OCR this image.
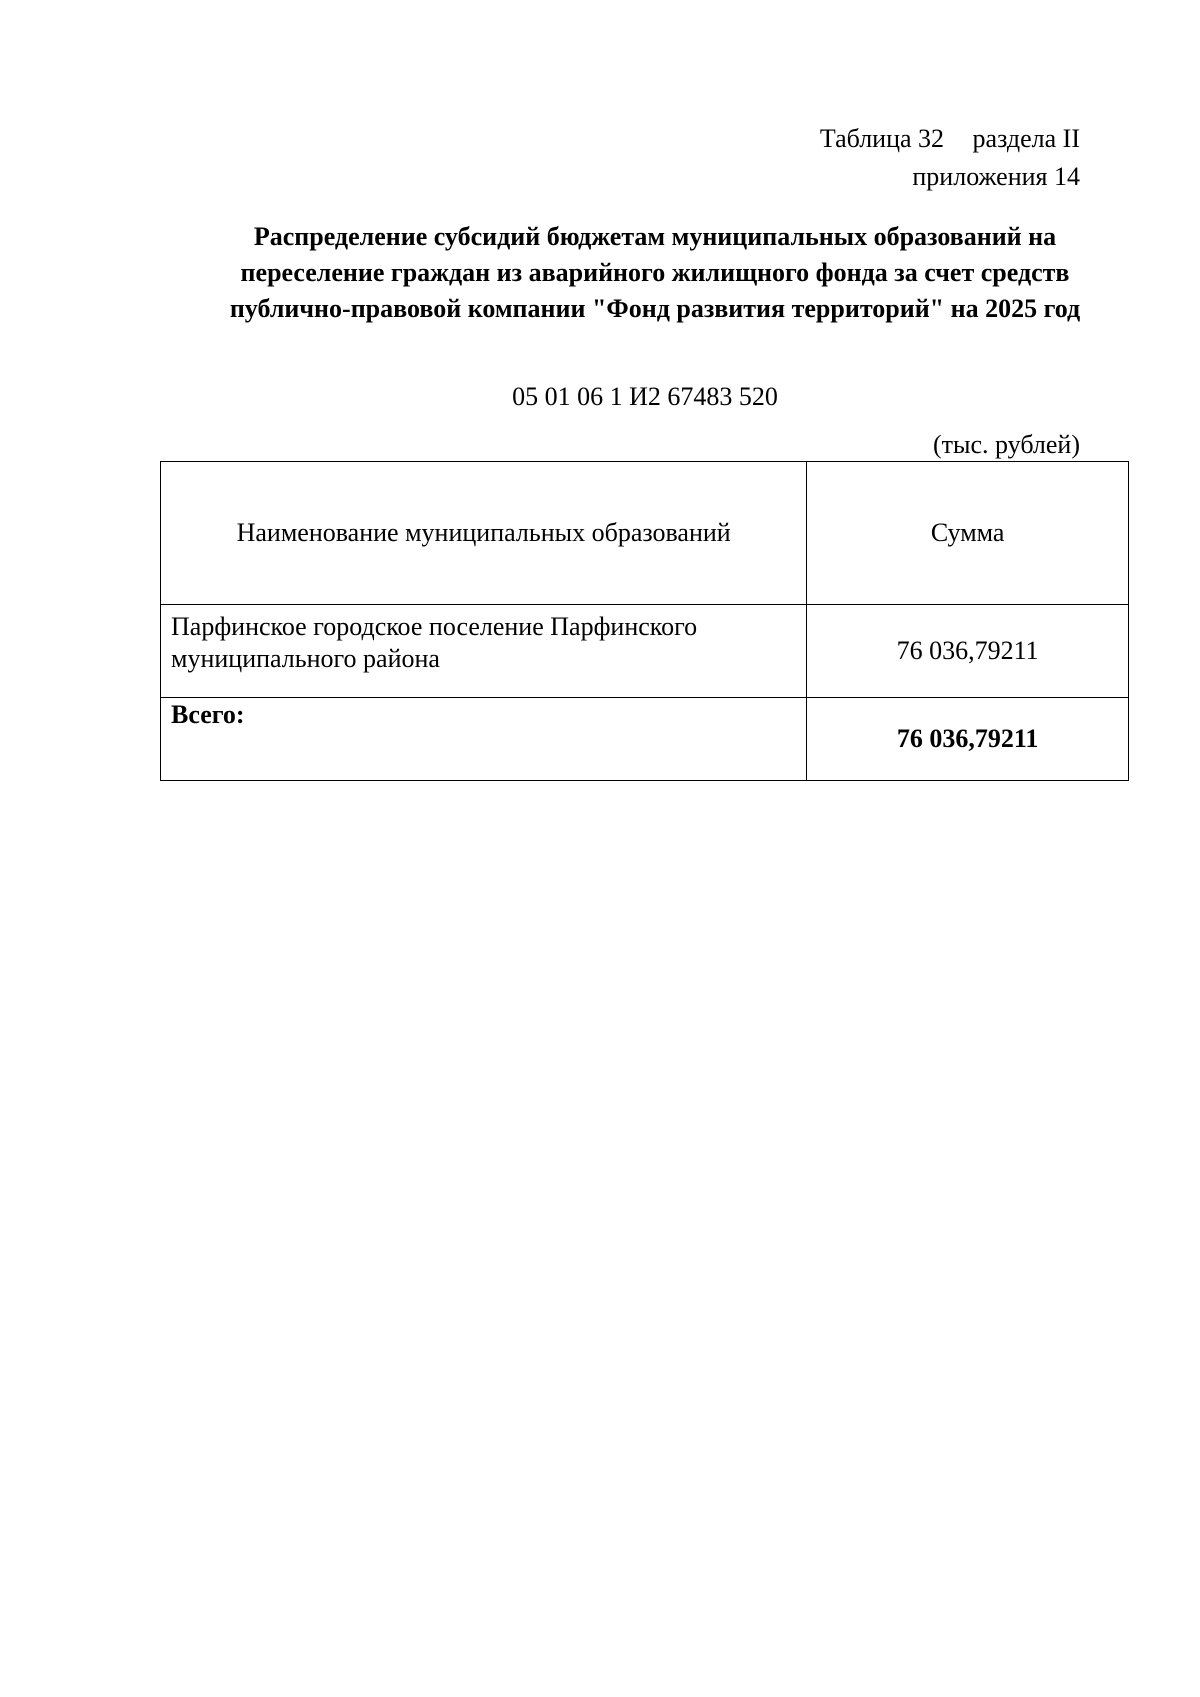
Таблица 32 раздела II
приложения 14
Распределение субсидий бюджетам муниципальных образований на
переселение граждан из аварийного жилищного фонда за счет средств
публично-правовой компании "Фонд развития территорий" на 2025 год
05 01 06 1 И2 67483 520
(тыс. рублей)
Наименование муниципальных образований	Сумма

Парфинское городское поселение Парфинского
муниципального района	76 036,79211
Всего:	76 036,79211
